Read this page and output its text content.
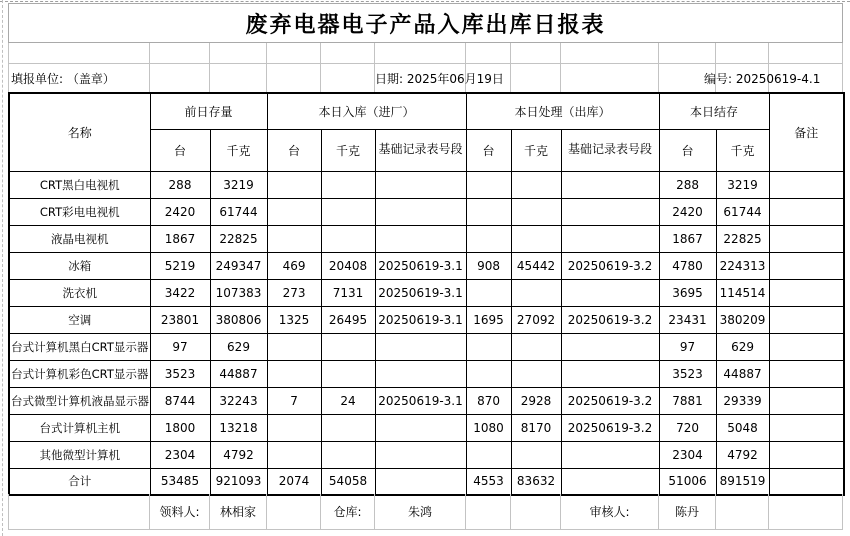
废弃电器电子产品入库出库日报表
填报单位: （盖章）	日期: 2025年06月19日	编号: 20250619-4.1
名称	前日存量		本日入库（进厂）			本日处理（出库）			本日结存		备注
	台	千克	台	千克	基础记录表号段	台	千克	基础记录表号段	台	千克	
CRT黑白电视机	288	3219							288	3219	
CRT彩电电视机	2420	61744							2420	61744	
液晶电视机	1867	22825							1867	22825	
冰箱	5219	249347	469	20408	20250619-3.1	908	45442	20250619-3.2	4780	224313	
洗衣机	3422	107383	273	7131	20250619-3.1				3695	114514	
空调	23801	380806	1325	26495	20250619-3.1	1695	27092	20250619-3.2	23431	380209	
台式计算机黑白CRT显示器	97	629							97	629	
台式计算机彩色CRT显示器	3523	44887							3523	44887	
台式微型计算机液晶显示器	8744	32243	7	24	20250619-3.1	870	2928	20250619-3.2	7881	29339	
台式计算机主机	1800	13218				1080	8170	20250619-3.2	720	5048	
其他微型计算机	2304	4792							2304	4792	
合计	53485	921093	2074	54058		4553	83632		51006	891519	
领料人:	林相家	仓库:	朱鸿	审核人:	陈丹
